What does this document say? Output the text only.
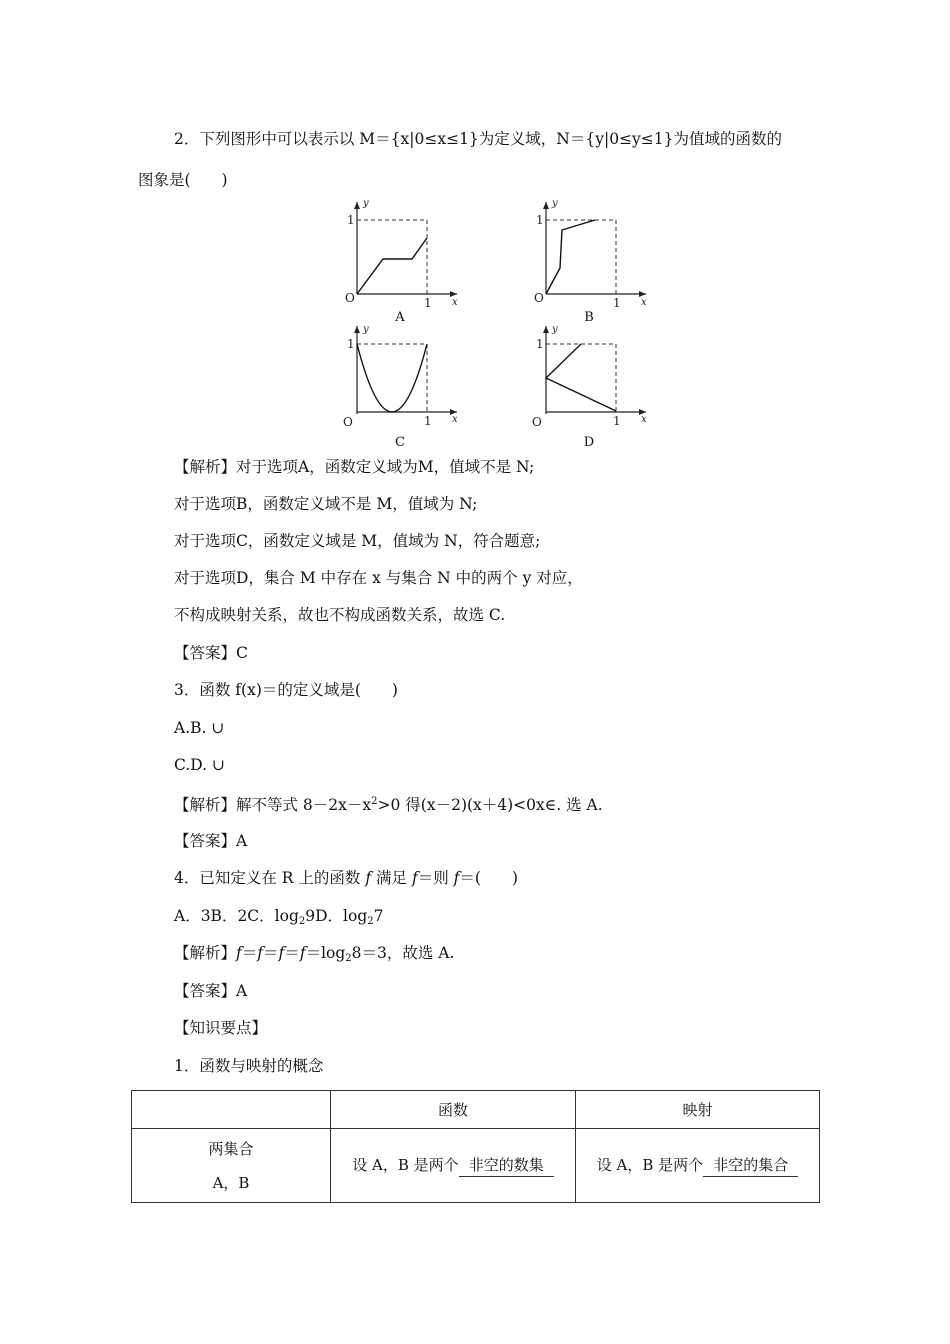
2．下列图形中可以表示以 M＝{x|0≤x≤1}为定义域，N＝{y|0≤y≤1}为值域的函数的
图象是(　　)
y
x
O
1
1
A
y
x
O
1
1
B
y
x
O
1
1
C
y
x
O
1
1
D
【解析】对于选项A，函数定义域为M，值域不是 N;
对于选项B，函数定义域不是 M，值域为 N;
对于选项C，函数定义域是 M，值域为 N，符合题意;
对于选项D，集合 M 中存在 x 与集合 N 中的两个 y 对应，
不构成映射关系，故也不构成函数关系，故选 C.
【答案】C
3．函数 f(x)＝的定义域是(　　)
A.B. ∪
C.D. ∪
【解析】解不等式 $8-2x-x^2>0$ 得(x－2)(x＋4)<0x∈. 选 A.
【答案】A
4．已知定义在 R 上的函数 f 满足 f＝则 f＝(　　)
A．3B．2C．$\log_29D$．$\log_27$
【解析】$f=f=f=f=\log_28=3$，故选 A.
【答案】A
【知识要点】
1．函数与映射的概念
	函数	映射

两集合
A，B	设 A，B 是两个 非空的数集	设 A，B 是两个 非空的集合
